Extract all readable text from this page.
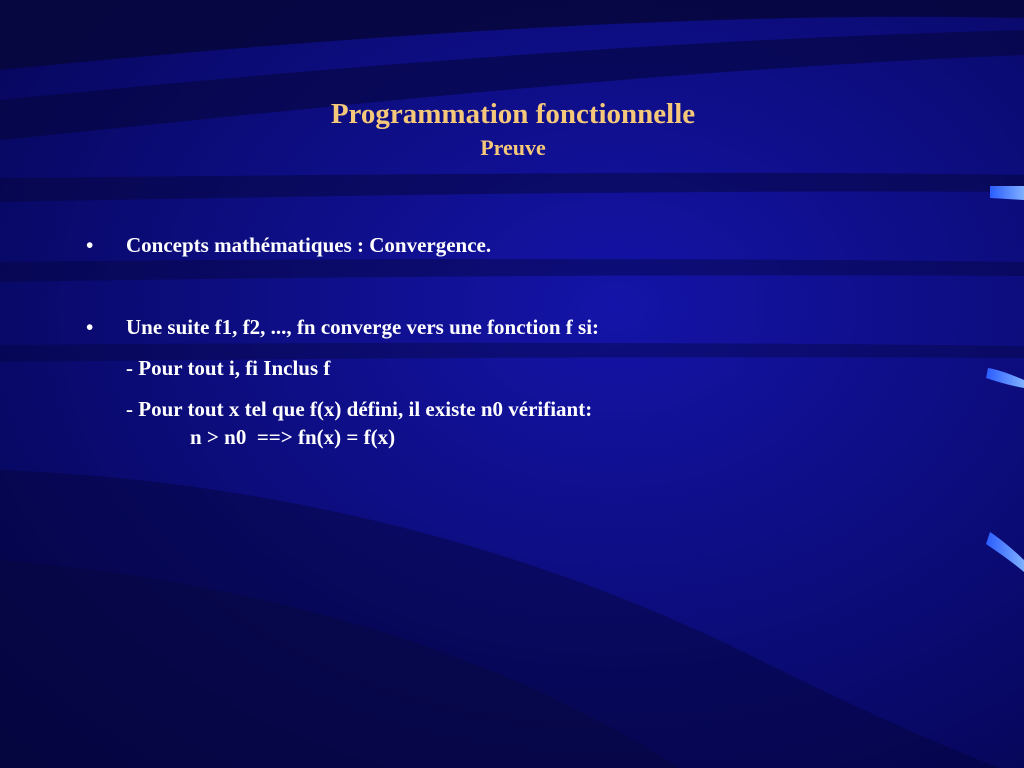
Programmation fonctionnelle
Preuve
• Concepts mathématiques : Convergence.
• Une suite f1, f2, ..., fn converge vers une fonction f si:
- Pour tout i, fi Inclus f
- Pour tout x tel que f(x) défini, il existe n0 vérifiant:
n > n0  ==> fn(x) = f(x)
